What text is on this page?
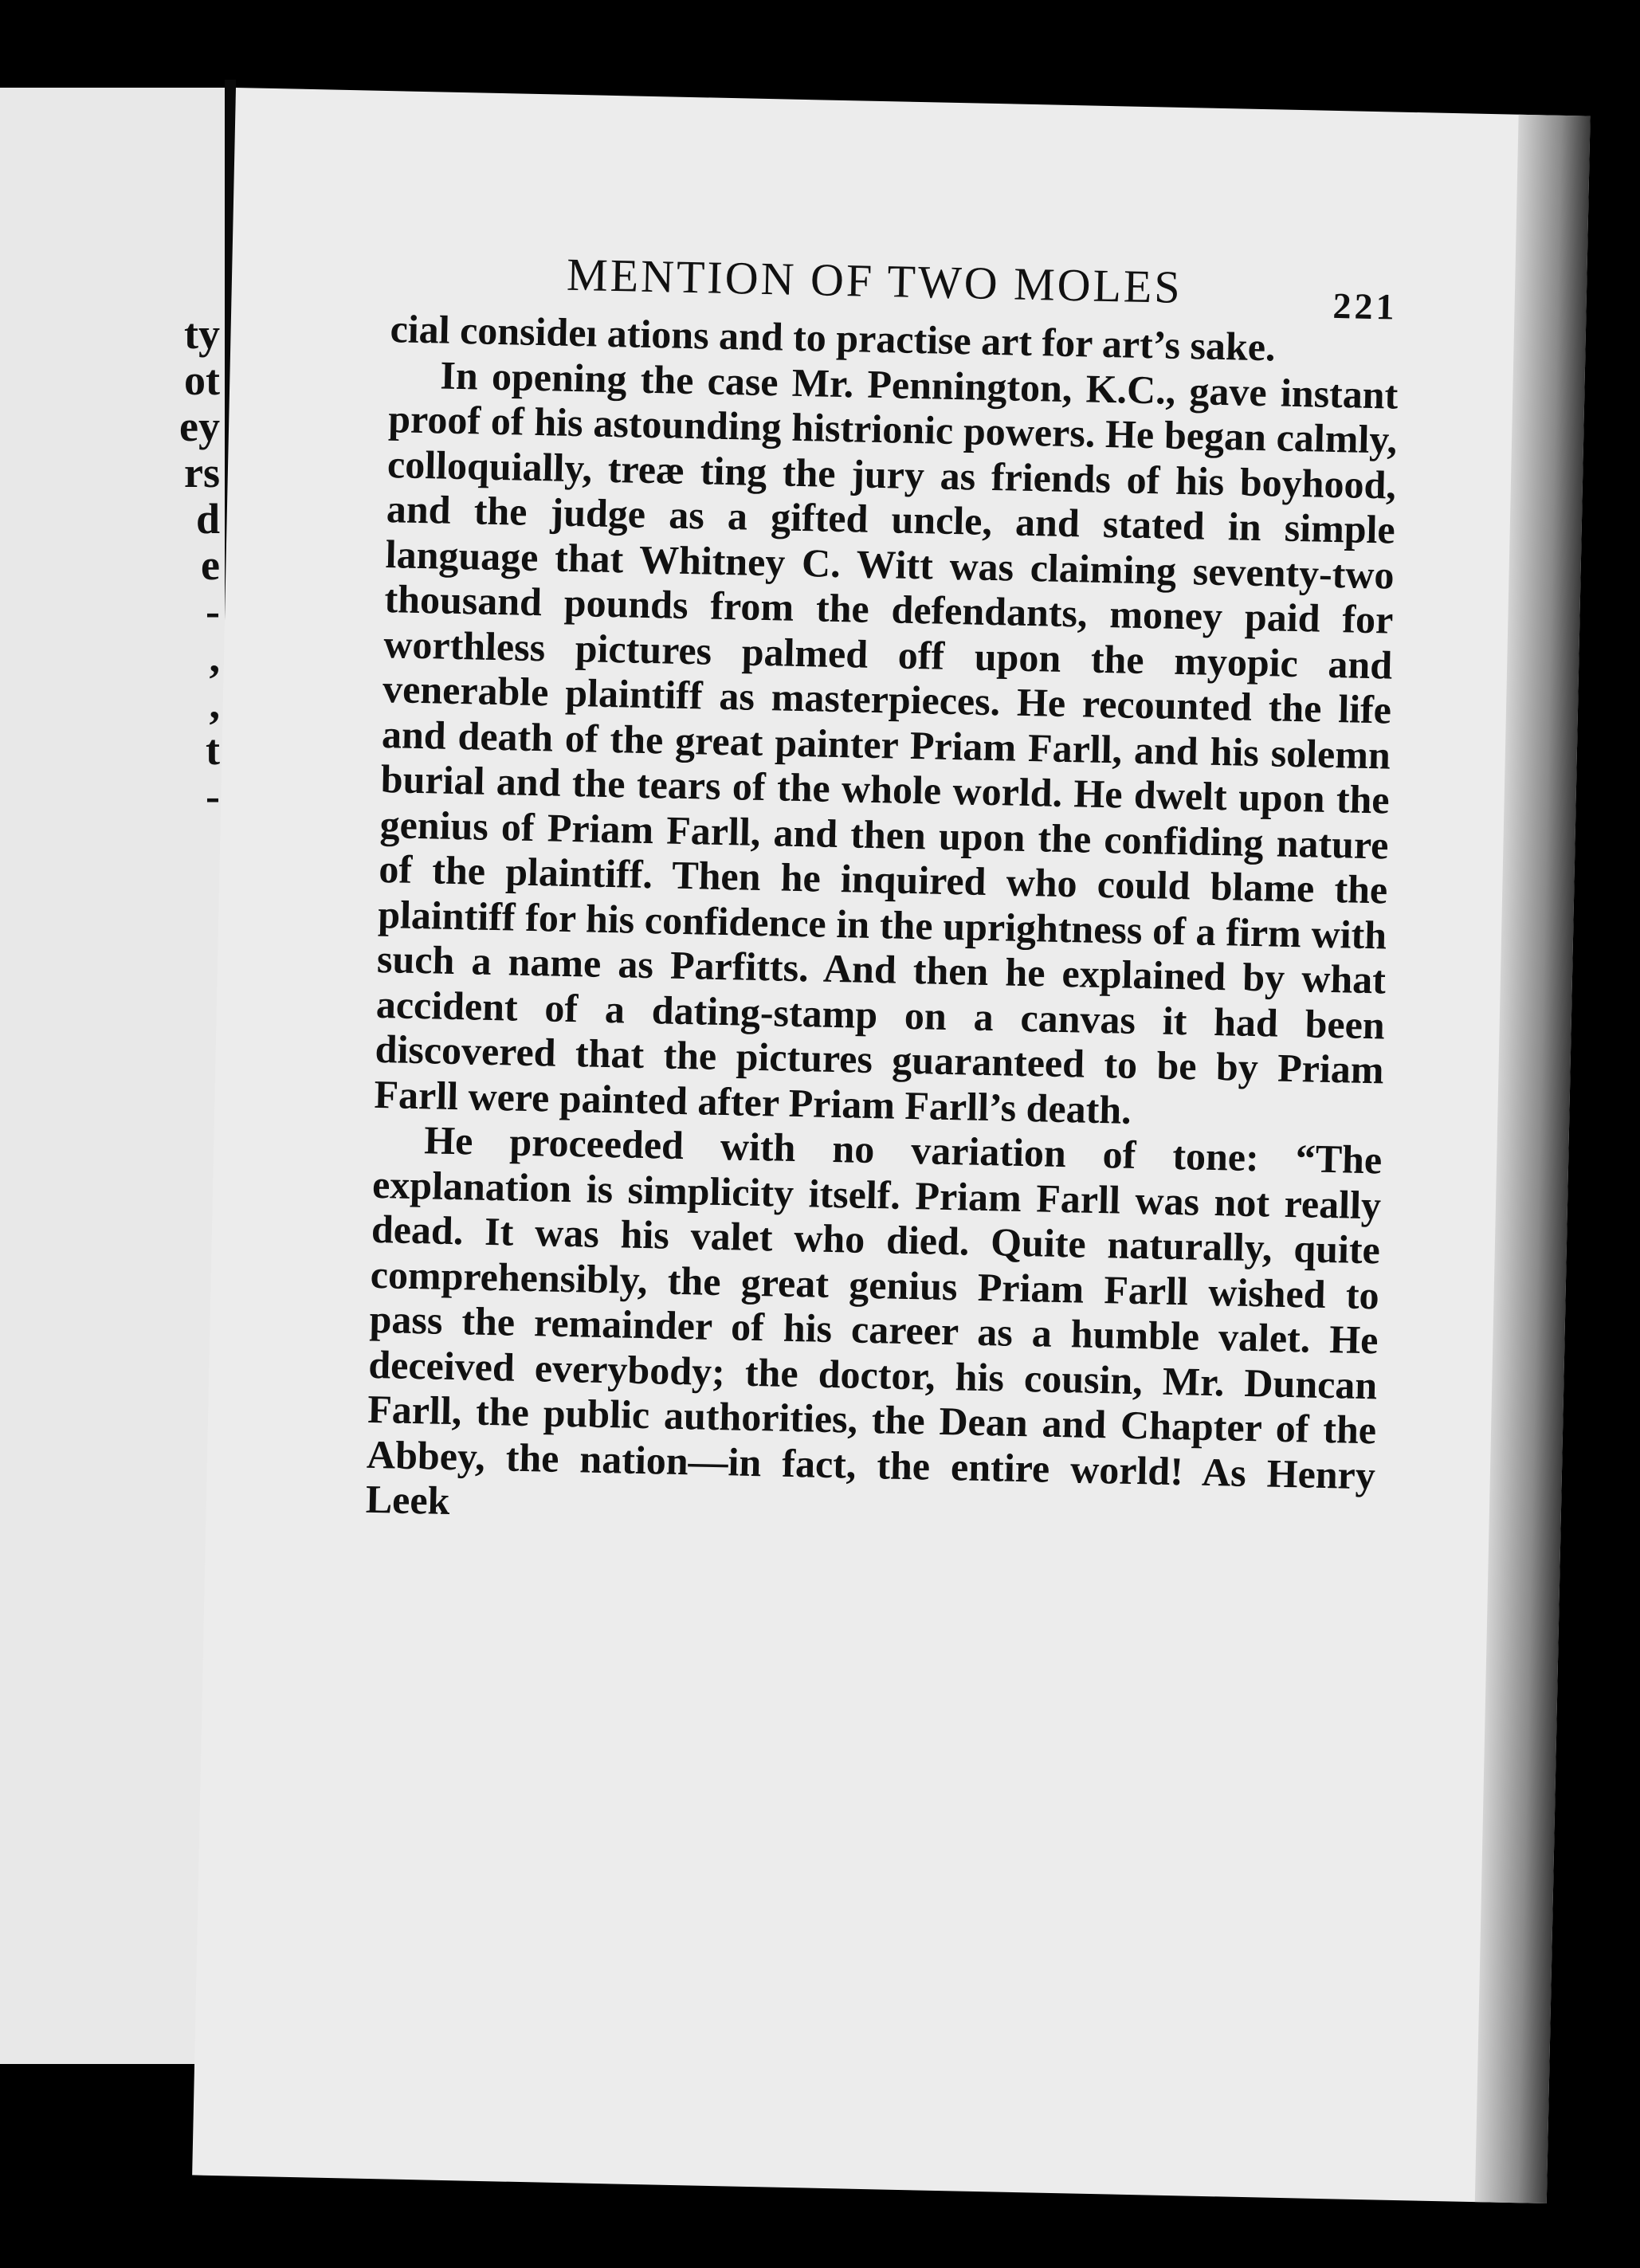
ty
ot
ey
rs
d
e
-
,
,
t
-
MENTION OF TWO MOLES	221

cial consideı ations and to practise art for art’s sake.

In opening the case Mr. Pennington, K.C., gave instant proof of his astounding histrionic powers. He began calmly, colloquially, treæ ting the jury as friends of his boyhood, and the judge as a gifted uncle, and stated in simple language that Whitney C. Witt was claiming seventy-two thousand pounds from the defendants, money paid for worthless pictures palmed off upon the myopic and venerable plaintiff as masterpieces. He recounted the life and death of the great painter Priam Farll, and his solemn burial and the tears of the whole world. He dwelt upon the genius of Priam Farll, and then upon the confiding nature of the plaintiff. Then he inquired who could blame the plaintiff for his confidence in the uprightness of a firm with such a name as Parfitts. And then he explained by what accident of a dating-stamp on a canvas it had been discovered that the pictures guaranteed to be by Priam Farll were painted after Priam Farll’s death.

He proceeded with no variation of tone: “The explanation is simplicity itself. Priam Farll was not really dead. It was his valet who died. Quite naturally, quite comprehensibly, the great genius Priam Farll wished to pass the remainder of his career as a humble valet. He deceived everybody; the doctor, his cousin, Mr. Duncan Farll, the public authorities, the Dean and Chapter of the Abbey, the nation—in fact, the entire world! As Henry Leek
